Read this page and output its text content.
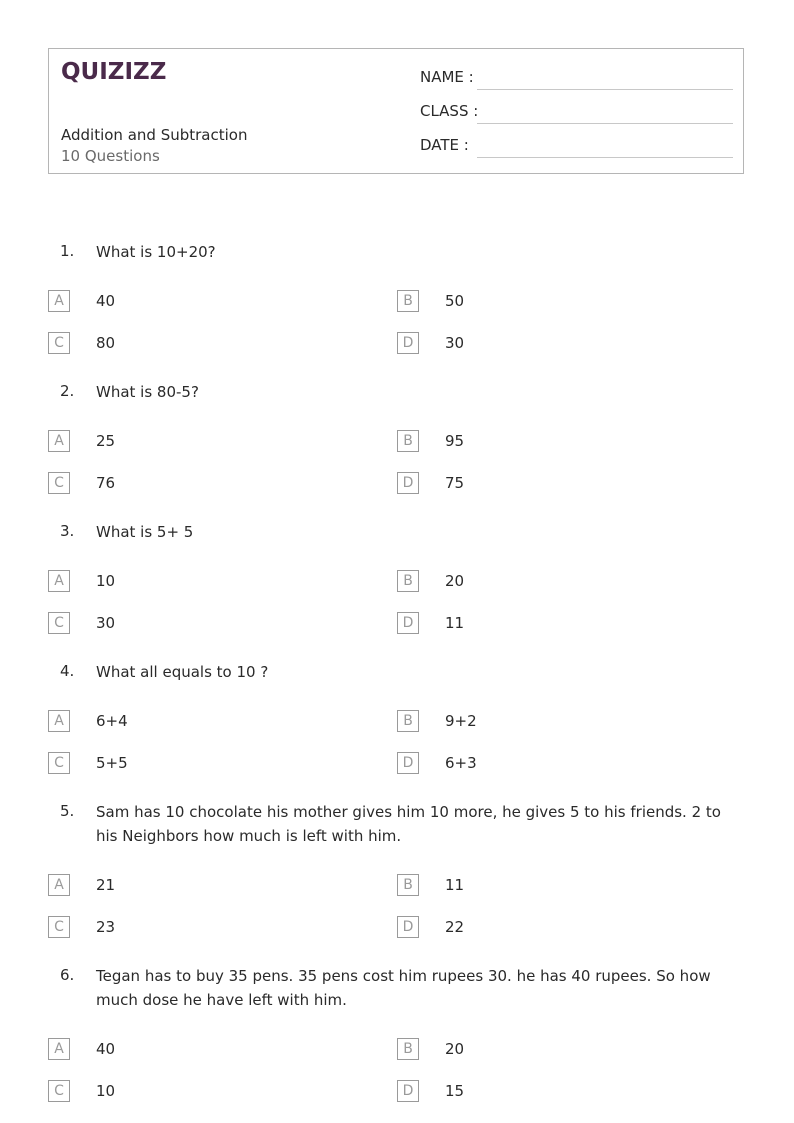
QUIZIZZ
Addition and Subtraction
10 Questions
NAME :
CLASS :
DATE :
1. What is 10+20?
A	40	B	50
C	80	D	30
2. What is 80-5?
A	25	B	95
C	76	D	75
3. What is 5+ 5
A	10	B	20
C	30	D	11
4. What all equals to 10 ?
A	6+4	B	9+2
C	5+5	D	6+3
5. Sam has 10 chocolate his mother gives him 10 more, he gives 5 to his friends. 2 to his Neighbors how much is left with him.
A	21	B	11
C	23	D	22
6. Tegan has to buy 35 pens. 35 pens cost him rupees 30. he has 40 rupees. So how much dose he have left with him.
A	40	B	20
C	10	D	15
